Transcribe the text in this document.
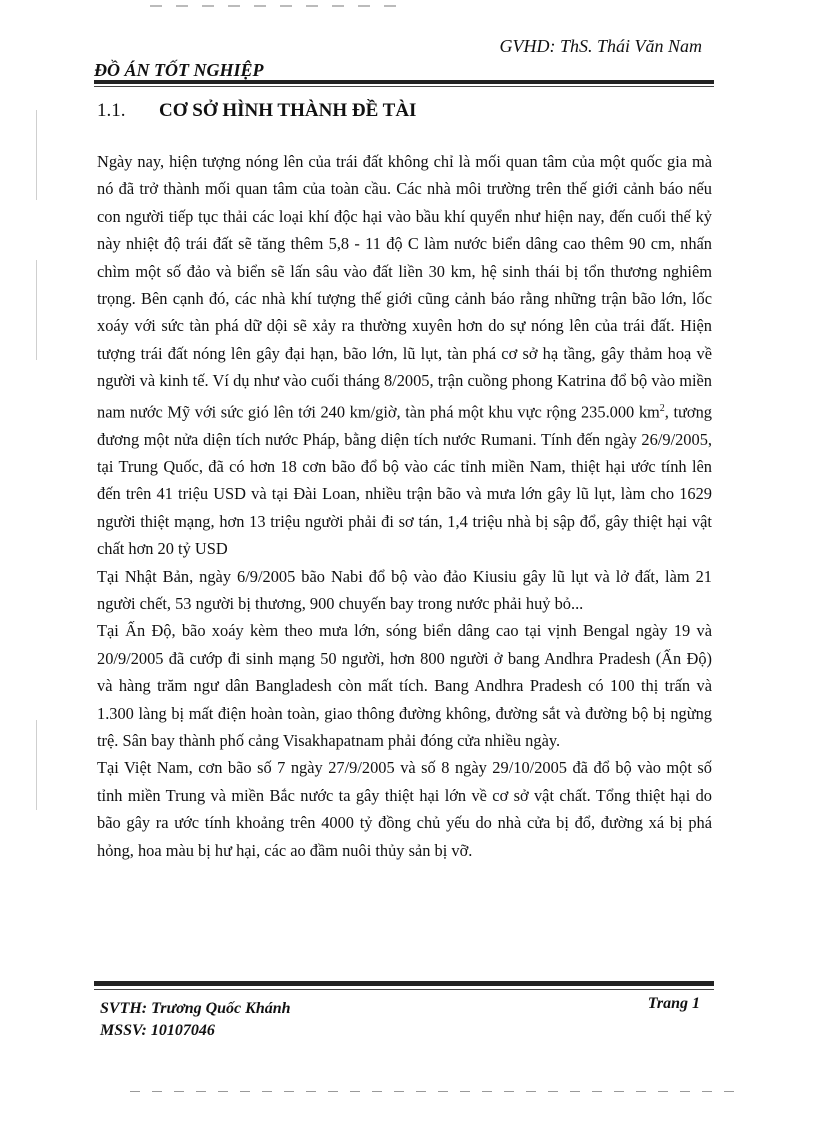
GVHD: ThS. Thái Văn Nam
ĐỒ ÁN TỐT NGHIỆP
1.1. CƠ SỞ HÌNH THÀNH ĐỀ TÀI

Ngày nay, hiện tượng nóng lên của trái đất không chỉ là mối quan tâm của một quốc gia mà nó đã trở thành mối quan tâm của toàn cầu. Các nhà môi trường trên thế giới cảnh báo nếu con người tiếp tục thải các loại khí độc hại vào bầu khí quyển như hiện nay, đến cuối thế kỷ này nhiệt độ trái đất sẽ tăng thêm 5,8 - 11 độ C làm nước biển dâng cao thêm 90 cm, nhấn chìm một số đảo và biển sẽ lấn sâu vào đất liền 30 km, hệ sinh thái bị tổn thương nghiêm trọng. Bên cạnh đó, các nhà khí tượng thế giới cũng cảnh báo rằng những trận bão lớn, lốc xoáy với sức tàn phá dữ dội sẽ xảy ra thường xuyên hơn do sự nóng lên của trái đất. Hiện tượng trái đất nóng lên gây đại hạn, bão lớn, lũ lụt, tàn phá cơ sở hạ tầng, gây thảm hoạ về người và kinh tế. Ví dụ như vào cuối tháng 8/2005, trận cuồng phong Katrina đổ bộ vào miền nam nước Mỹ với sức gió lên tới 240 km/giờ, tàn phá một khu vực rộng 235.000 $km^2$, tương đương một nửa diện tích nước Pháp, bằng diện tích nước Rumani. Tính đến ngày 26/9/2005, tại Trung Quốc, đã có hơn 18 cơn bão đổ bộ vào các tỉnh miền Nam, thiệt hại ước tính lên đến trên 41 triệu USD và tại Đài Loan, nhiều trận bão và mưa lớn gây lũ lụt, làm cho 1629 người thiệt mạng, hơn 13 triệu người phải đi sơ tán, 1,4 triệu nhà bị sập đổ, gây thiệt hại vật chất hơn 20 tỷ USD

Tại Nhật Bản, ngày 6/9/2005 bão Nabi đổ bộ vào đảo Kiusiu gây lũ lụt và lở đất, làm 21 người chết, 53 người bị thương, 900 chuyến bay trong nước phải huỷ bỏ...

Tại Ấn Độ, bão xoáy kèm theo mưa lớn, sóng biển dâng cao tại vịnh Bengal ngày 19 và 20/9/2005 đã cướp đi sinh mạng 50 người, hơn 800 người ở bang Andhra Pradesh (Ấn Độ) và hàng trăm ngư dân Bangladesh còn mất tích. Bang Andhra Pradesh có 100 thị trấn và 1.300 làng bị mất điện hoàn toàn, giao thông đường không, đường sắt và đường bộ bị ngừng trệ. Sân bay thành phố cảng Visakhapatnam phải đóng cửa nhiều ngày.

Tại Việt Nam, cơn bão số 7 ngày 27/9/2005 và số 8 ngày 29/10/2005 đã đổ bộ vào một số tỉnh miền Trung và miền Bắc nước ta gây thiệt hại lớn về cơ sở vật chất. Tổng thiệt hại do bão gây ra ước tính khoảng trên 4000 tỷ đồng chủ yếu do nhà cửa bị đổ, đường xá bị phá hỏng, hoa màu bị hư hại, các ao đầm nuôi thủy sản bị vỡ.

SVTH: Trương Quốc Khánh
MSSV: 10107046
Trang 1
